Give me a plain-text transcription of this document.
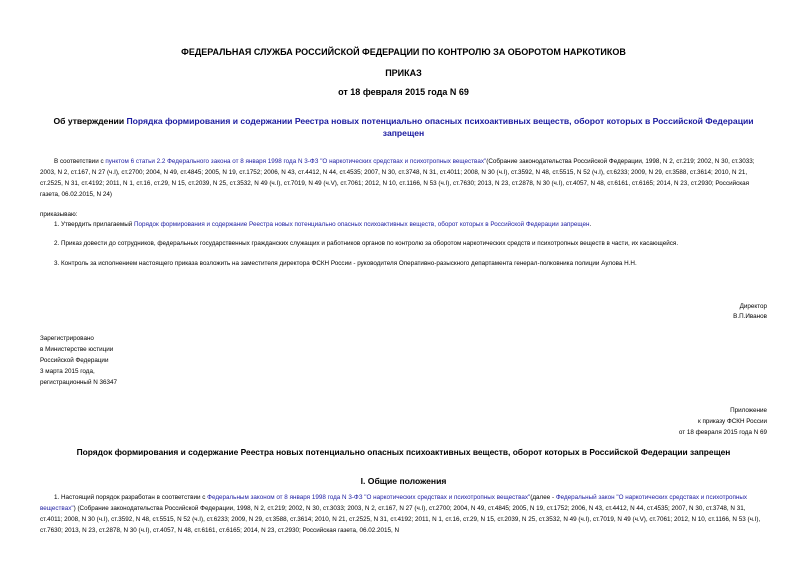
ФЕДЕРАЛЬНАЯ СЛУЖБА РОССИЙСКОЙ ФЕДЕРАЦИИ ПО КОНТРОЛЮ ЗА ОБОРОТОМ НАРКОТИКОВ
ПРИКАЗ
от 18 февраля 2015 года N 69
Об утверждении Порядка формирования и содержании Реестра новых потенциально опасных психоактивных веществ, оборот которых в Российской Федерации запрещен
В соответствии с пунктом 6 статьи 2.2 Федерального закона от 8 января 1998 года N 3-ФЗ "О наркотических средствах и психотропных веществах"(Собрание законодательства Российской Федерации, 1998, N 2, ст.219; 2002, N 30, ст.3033; 2003, N 2, ст.167, N 27 (ч.I), ст.2700; 2004, N 49, ст.4845; 2005, N 19, ст.1752; 2006, N 43, ст.4412, N 44, ст.4535; 2007, N 30, ст.3748, N 31, ст.4011; 2008, N 30 (ч.I), ст.3592, N 48, ст.5515, N 52 (ч.I), ст.6233; 2009, N 29, ст.3588, ст.3614; 2010, N 21, ст.2525, N 31, ст.4192; 2011, N 1, ст.16, ст.29, N 15, ст.2039, N 25, ст.3532, N 49 (ч.I), ст.7019, N 49 (ч.V), ст.7061; 2012, N 10, ст.1166, N 53 (ч.I), ст.7630; 2013, N 23, ст.2878, N 30 (ч.I), ст.4057, N 48, ст.6161, ст.6165; 2014, N 23, ст.2930; Российская газета, 06.02.2015, N 24)
приказываю:
1. Утвердить прилагаемый Порядок формирования и содержание Реестра новых потенциально опасных психоактивных веществ, оборот которых в Российской Федерации запрещен.
2. Приказ довести до сотрудников, федеральных государственных гражданских служащих и работников органов по контролю за оборотом наркотических средств и психотропных веществ в части, их касающейся.
3. Контроль за исполнением настоящего приказа возложить на заместителя директора ФСКН России - руководителя Оперативно-разыскного департамента генерал-полковника полиции Аулова Н.Н.
Директор
В.П.Иванов
Зарегистрировано
в Министерстве юстиции
Российской Федерации
3 марта 2015 года,
регистрационный N 36347
Приложение
к приказу ФСКН России
от 18 февраля 2015 года N 69
Порядок формирования и содержание Реестра новых потенциально опасных психоактивных веществ, оборот которых в Российской Федерации запрещен
I. Общие положения
1. Настоящий порядок разработан в соответствии с Федеральным законом от 8 января 1998 года N 3-ФЗ "О наркотических средствах и психотропных веществах"(далее - Федеральный закон "О наркотических средствах и психотропных веществах") (Собрание законодательства Российской Федерации, 1998, N 2, ст.219; 2002, N 30, ст.3033; 2003, N 2, ст.167, N 27 (ч.I), ст.2700; 2004, N 49, ст.4845; 2005, N 19, ст.1752; 2006, N 43, ст.4412, N 44, ст.4535; 2007, N 30, ст.3748, N 31, ст.4011; 2008, N 30 (ч.I), ст.3592, N 48, ст.5515, N 52 (ч.I), ст.6233; 2009, N 29, ст.3588, ст.3614; 2010, N 21, ст.2525, N 31, ст.4192; 2011, N 1, ст.16, ст.29, N 15, ст.2039, N 25, ст.3532, N 49 (ч.I), ст.7019, N 49 (ч.V), ст.7061; 2012, N 10, ст.1166, N 53 (ч.I), ст.7630; 2013, N 23, ст.2878, N 30 (ч.I), ст.4057, N 48, ст.6161, ст.6165; 2014, N 23, ст.2930; Российская газета, 06.02.2015, N
